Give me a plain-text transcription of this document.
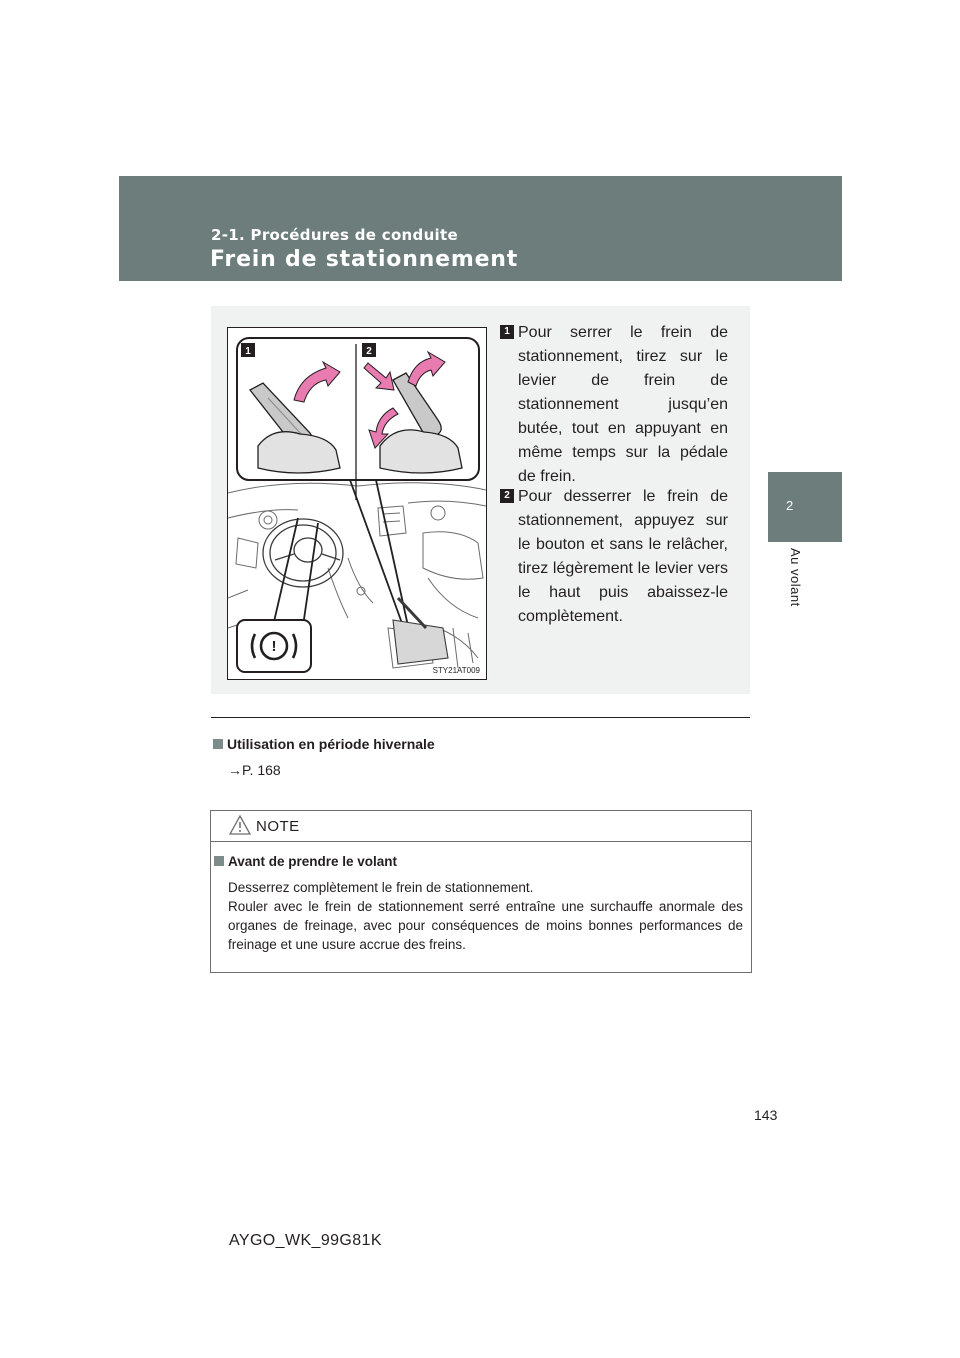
2-1. Procédures de conduite
Frein de stationnement
2
Au volant
1	2
!
STY21AT009
1 Pour serrer le frein de stationnement, tirez sur le levier de frein de stationnement jusqu’en butée, tout en appuyant en même temps sur la pédale de frein.
2 Pour desserrer le frein de stationnement, appuyez sur le bouton et sans le relâcher, tirez légèrement le levier vers le haut puis abaissez-le complètement.
Utilisation en période hivernale
→P. 168
NOTE
Avant de prendre le volant

Desserrez complètement le frein de stationnement.

Rouler avec le frein de stationnement serré entraîne une surchauffe anormale des organes de freinage, avec pour conséquences de moins bonnes performances de freinage et une usure accrue des freins.

143
AYGO_WK_99G81K
